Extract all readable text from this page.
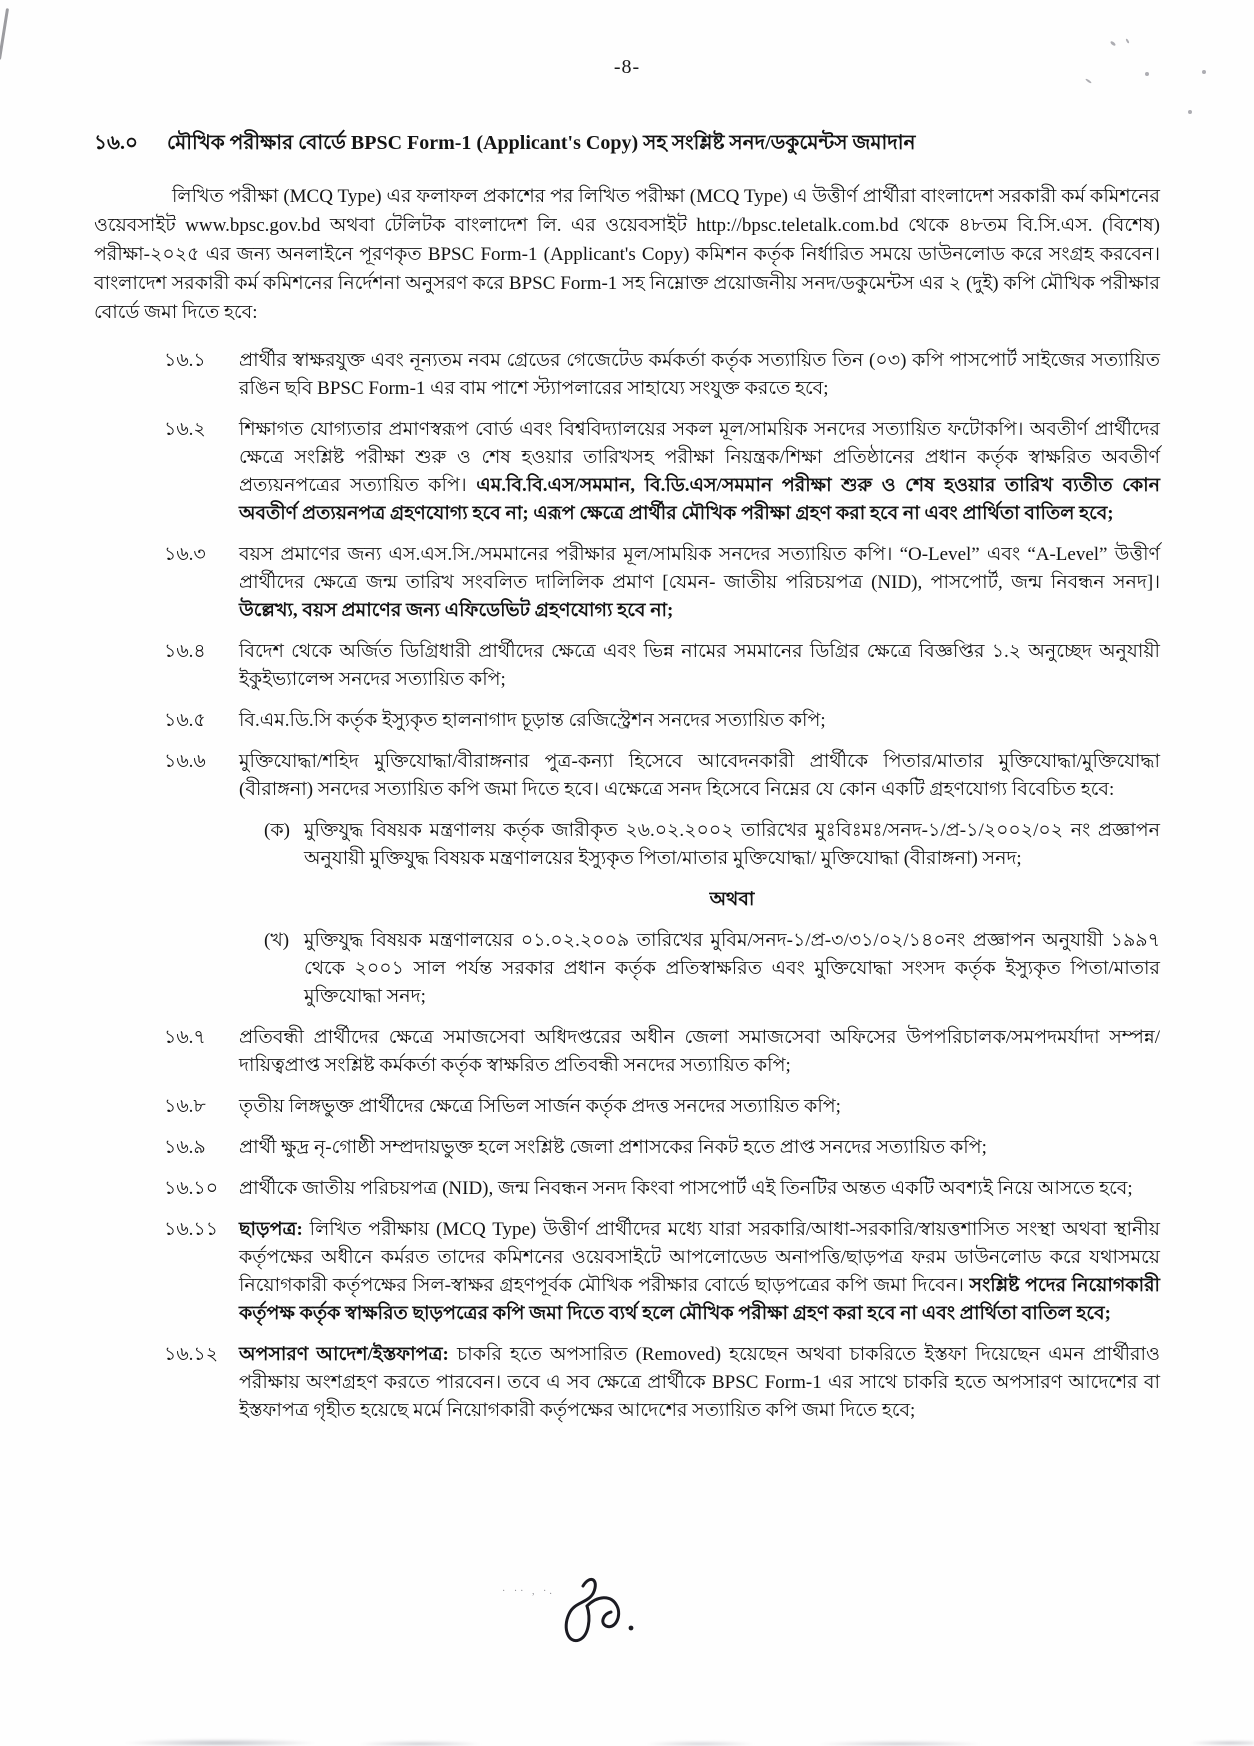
-8-
১৬.০	মৌখিক পরীক্ষার বোর্ডে BPSC Form-1 (Applicant's Copy) সহ সংশ্লিষ্ট সনদ/ডকুমেন্টস জমাদান
লিখিত পরীক্ষা (MCQ Type) এর ফলাফল প্রকাশের পর লিখিত পরীক্ষা (MCQ Type) এ উত্তীর্ণ প্রার্থীরা বাংলাদেশ সরকারী কর্ম কমিশনের ওয়েবসাইট www.bpsc.gov.bd অথবা টেলিটক বাংলাদেশ লি. এর ওয়েবসাইট http://bpsc.teletalk.com.bd থেকে ৪৮তম বি.সি.এস. (বিশেষ) পরীক্ষা-২০২৫ এর জন্য অনলাইনে পূরণকৃত BPSC Form-1 (Applicant's Copy) কমিশন কর্তৃক নির্ধারিত সময়ে ডাউনলোড করে সংগ্রহ করবেন। বাংলাদেশ সরকারী কর্ম কমিশনের নির্দেশনা অনুসরণ করে BPSC Form-1 সহ নিম্নোক্ত প্রয়োজনীয় সনদ/ডকুমেন্টস এর ২ (দুই) কপি মৌখিক পরীক্ষার বোর্ডে জমা দিতে হবে:
১৬.১	প্রার্থীর স্বাক্ষরযুক্ত এবং নূন্যতম নবম গ্রেডের গেজেটেড কর্মকর্তা কর্তৃক সত্যায়িত তিন (০৩) কপি পাসপোর্ট সাইজের সত্যায়িত রঙিন ছবি BPSC Form-1 এর বাম পাশে স্ট্যাপলারের সাহায্যে সংযুক্ত করতে হবে;
১৬.২	শিক্ষাগত যোগ্যতার প্রমাণস্বরূপ বোর্ড এবং বিশ্ববিদ্যালয়ের সকল মূল/সাময়িক সনদের সত্যায়িত ফটোকপি। অবতীর্ণ প্রার্থীদের ক্ষেত্রে সংশ্লিষ্ট পরীক্ষা শুরু ও শেষ হওয়ার তারিখসহ পরীক্ষা নিয়ন্ত্রক/শিক্ষা প্রতিষ্ঠানের প্রধান কর্তৃক স্বাক্ষরিত অবতীর্ণ প্রত্যয়নপত্রের সত্যায়িত কপি। এম.বি.বি.এস/সমমান, বি.ডি.এস/সমমান পরীক্ষা শুরু ও শেষ হওয়ার তারিখ ব্যতীত কোন অবতীর্ণ প্রত্যয়নপত্র গ্রহণযোগ্য হবে না; এরূপ ক্ষেত্রে প্রার্থীর মৌখিক পরীক্ষা গ্রহণ করা হবে না এবং প্রার্থিতা বাতিল হবে;
১৬.৩	বয়স প্রমাণের জন্য এস.এস.সি./সমমানের পরীক্ষার মূল/সাময়িক সনদের সত্যায়িত কপি। “O-Level” এবং “A-Level” উত্তীর্ণ প্রার্থীদের ক্ষেত্রে জন্ম তারিখ সংবলিত দালিলিক প্রমাণ [যেমন- জাতীয় পরিচয়পত্র (NID), পাসপোর্ট, জন্ম নিবন্ধন সনদ]। উল্লেখ্য, বয়স প্রমাণের জন্য এফিডেভিট গ্রহণযোগ্য হবে না;
১৬.৪	বিদেশ থেকে অর্জিত ডিগ্রিধারী প্রার্থীদের ক্ষেত্রে এবং ভিন্ন নামের সমমানের ডিগ্রির ক্ষেত্রে বিজ্ঞপ্তির ১.২ অনুচ্ছেদ অনুযায়ী ইকুইভ্যালেন্স সনদের সত্যায়িত কপি;
১৬.৫	বি.এম.ডি.সি কর্তৃক ইস্যুকৃত হালনাগাদ চূড়ান্ত রেজিস্ট্রেশন সনদের সত্যায়িত কপি;
১৬.৬	মুক্তিযোদ্ধা/শহিদ মুক্তিযোদ্ধা/বীরাঙ্গনার পুত্র-কন্যা হিসেবে আবেদনকারী প্রার্থীকে পিতার/মাতার মুক্তিযোদ্ধা/মুক্তিযোদ্ধা (বীরাঙ্গনা) সনদের সত্যায়িত কপি জমা দিতে হবে। এক্ষেত্রে সনদ হিসেবে নিম্নের যে কোন একটি গ্রহণযোগ্য বিবেচিত হবে:
(ক) মুক্তিযুদ্ধ বিষয়ক মন্ত্রণালয় কর্তৃক জারীকৃত ২৬.০২.২০০২ তারিখের মুঃবিঃমঃ/সনদ-১/প্র-১/২০০২/০২ নং প্রজ্ঞাপন অনুযায়ী মুক্তিযুদ্ধ বিষয়ক মন্ত্রণালয়ের ইস্যুকৃত পিতা/মাতার মুক্তিযোদ্ধা/ মুক্তিযোদ্ধা (বীরাঙ্গনা) সনদ;
অথবা
(খ) মুক্তিযুদ্ধ বিষয়ক মন্ত্রণালয়ের ০১.০২.২০০৯ তারিখের মুবিম/সনদ-১/প্র-৩/৩১/০২/১৪০নং প্রজ্ঞাপন অনুযায়ী ১৯৯৭ থেকে ২০০১ সাল পর্যন্ত সরকার প্রধান কর্তৃক প্রতিস্বাক্ষরিত এবং মুক্তিযোদ্ধা সংসদ কর্তৃক ইস্যুকৃত পিতা/মাতার মুক্তিযোদ্ধা সনদ;
১৬.৭	প্রতিবন্ধী প্রার্থীদের ক্ষেত্রে সমাজসেবা অধিদপ্তরের অধীন জেলা সমাজসেবা অফিসের উপপরিচালক/সমপদমর্যাদা সম্পন্ন/দায়িত্বপ্রাপ্ত সংশ্লিষ্ট কর্মকর্তা কর্তৃক স্বাক্ষরিত প্রতিবন্ধী সনদের সত্যায়িত কপি;
১৬.৮	তৃতীয় লিঙ্গভুক্ত প্রার্থীদের ক্ষেত্রে সিভিল সার্জন কর্তৃক প্রদত্ত সনদের সত্যায়িত কপি;
১৬.৯	প্রার্থী ক্ষুদ্র নৃ-গোষ্ঠী সম্প্রদায়ভুক্ত হলে সংশ্লিষ্ট জেলা প্রশাসকের নিকট হতে প্রাপ্ত সনদের সত্যায়িত কপি;
১৬.১০	প্রার্থীকে জাতীয় পরিচয়পত্র (NID), জন্ম নিবন্ধন সনদ কিংবা পাসপোর্ট এই তিনটির অন্তত একটি অবশ্যই নিয়ে আসতে হবে;
১৬.১১	ছাড়পত্র: লিখিত পরীক্ষায় (MCQ Type) উত্তীর্ণ প্রার্থীদের মধ্যে যারা সরকারি/আধা-সরকারি/স্বায়ত্তশাসিত সংস্থা অথবা স্থানীয় কর্তৃপক্ষের অধীনে কর্মরত তাদের কমিশনের ওয়েবসাইটে আপলোডেড অনাপত্তি/ছাড়পত্র ফরম ডাউনলোড করে যথাসময়ে নিয়োগকারী কর্তৃপক্ষের সিল-স্বাক্ষর গ্রহণপূর্বক মৌখিক পরীক্ষার বোর্ডে ছাড়পত্রের কপি জমা দিবেন। সংশ্লিষ্ট পদের নিয়োগকারী কর্তৃপক্ষ কর্তৃক স্বাক্ষরিত ছাড়পত্রের কপি জমা দিতে ব্যর্থ হলে মৌখিক পরীক্ষা গ্রহণ করা হবে না এবং প্রার্থিতা বাতিল হবে;
১৬.১২	অপসারণ আদেশ/ইস্তফাপত্র: চাকরি হতে অপসারিত (Removed) হয়েছেন অথবা চাকরিতে ইস্তফা দিয়েছেন এমন প্রার্থীরাও পরীক্ষায় অংশগ্রহণ করতে পারবেন। তবে এ সব ক্ষেত্রে প্রার্থীকে BPSC Form-1 এর সাথে চাকরি হতে অপসারণ আদেশের বা ইস্তফাপত্র গৃহীত হয়েছে মর্মে নিয়োগকারী কর্তৃপক্ষের আদেশের সত্যায়িত কপি জমা দিতে হবে;
· ·· , ·.
